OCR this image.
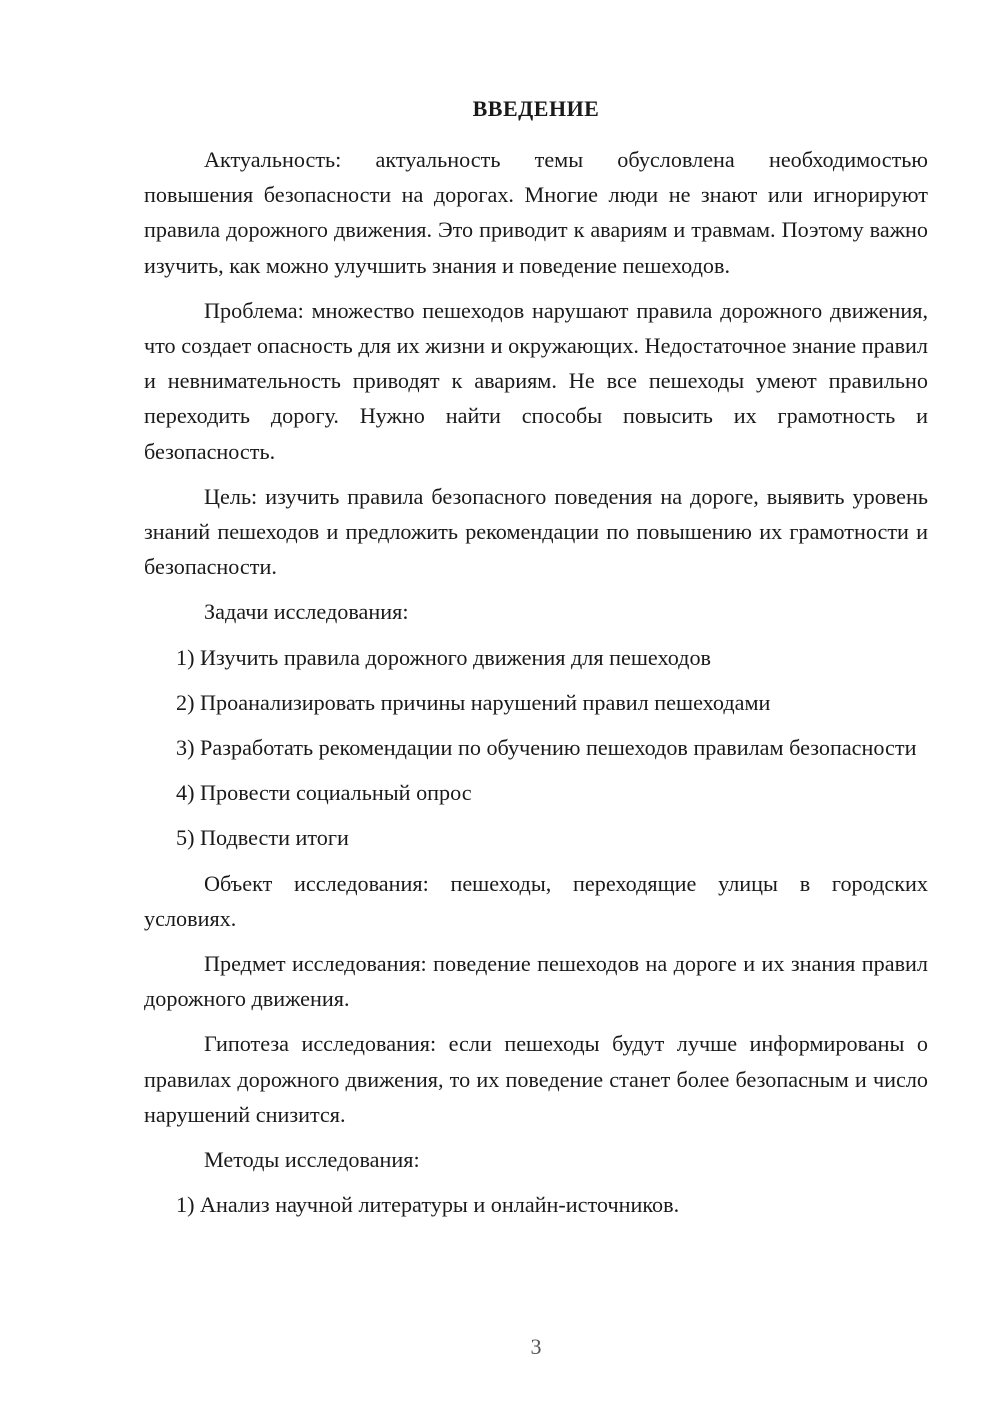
ВВЕДЕНИЕ

Актуальность: актуальность темы обусловлена необходимостью повышения безопасности на дорогах. Многие люди не знают или игнорируют правила дорожного движения. Это приводит к авариям и травмам. Поэтому важно изучить, как можно улучшить знания и поведение пешеходов.

Проблема: множество пешеходов нарушают правила дорожного движения, что создает опасность для их жизни и окружающих. Недостаточное знание правил и невнимательность приводят к авариям. Не все пешеходы умеют правильно переходить дорогу. Нужно найти способы повысить их грамотность и безопасность.

Цель: изучить правила безопасного поведения на дороге, выявить уровень знаний пешеходов и предложить рекомендации по повышению их грамотности и безопасности.

Задачи исследования:

1) Изучить правила дорожного движения для пешеходов

2) Проанализировать причины нарушений правил пешеходами

3) Разработать рекомендации по обучению пешеходов правилам безопасности

4) Провести социальный опрос

5) Подвести итоги

Объект исследования: пешеходы, переходящие улицы в городских условиях.

Предмет исследования: поведение пешеходов на дороге и их знания правил дорожного движения.

Гипотеза исследования: если пешеходы будут лучше информированы о правилах дорожного движения, то их поведение станет более безопасным и число нарушений снизится.

Методы исследования:

1) Анализ научной литературы и онлайн-источников.

3
